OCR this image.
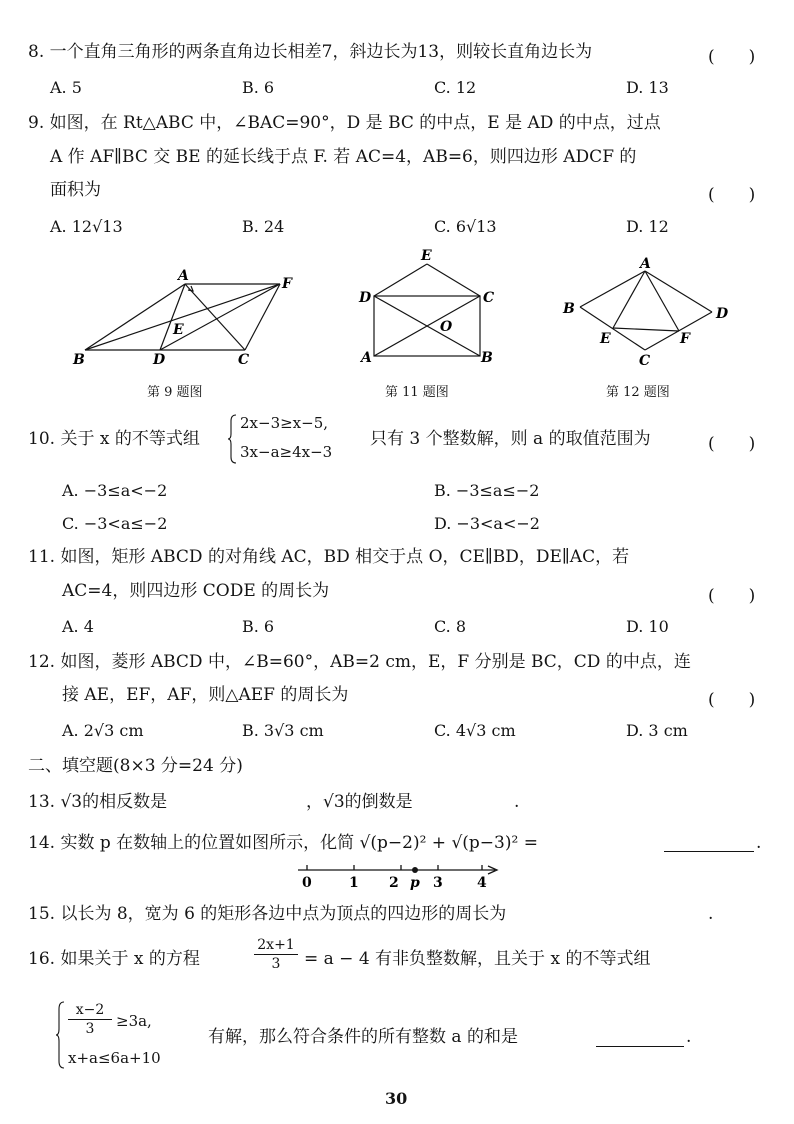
8. 一个直角三角形的两条直角边长相差7，斜边长为13，则较长直角边长为	(　　)
A. 5	B. 6	C. 12	D. 13
9. 如图，在 Rt△ABC 中，∠BAC=90°，D 是 BC 的中点，E 是 AD 的中点，过点
A 作 AF∥BC 交 BE 的延长线于点 F. 若 AC=4，AB=6，则四边形 ADCF 的
面积为	(　　)
A. 12√13	B. 24	C. 6√13	D. 12
A	F
E
B	D	C
第 9 题图
E
D	C
O
A	B
第 11 题图
A
B	D
E	F
C
第 12 题图
10. 关于 x 的不等式组
2x−3≥x−5,
3x−a≥4x−3
只有 3 个整数解，则 a 的取值范围为	(　　)
A. −3≤a<−2	B. −3≤a≤−2
C. −3<a≤−2	D. −3<a<−2
11. 如图，矩形 ABCD 的对角线 AC，BD 相交于点 O，CE∥BD，DE∥AC，若
AC=4，则四边形 CODE 的周长为	(　　)
A. 4	B. 6	C. 8	D. 10
12. 如图，菱形 ABCD 中，∠B=60°，AB=2 cm，E，F 分别是 BC，CD 的中点，连
接 AE，EF，AF，则△AEF 的周长为	(　　)
A. 2√3 cm	B. 3√3 cm	C. 4√3 cm	D. 3 cm
二、填空题(8×3 分=24 分)
13. √3的相反数是	，√3的倒数是	.
14. 实数 p 在数轴上的位置如图所示，化简 √(p−2)² + √(p−3)² =	.
0	1 2 p 3 4
15. 以长为 8，宽为 6 的矩形各边中点为顶点的四边形的周长为	.
16. 如果关于 x 的方程	$\frac{2x+1}{3} = a - 4$ 有非负整数解，且关于 x 的不等式组
$\frac{x-2}{3} \ge 3a$,
x+a≤6a+10
有解，那么符合条件的所有整数 a 的和是	.
30
